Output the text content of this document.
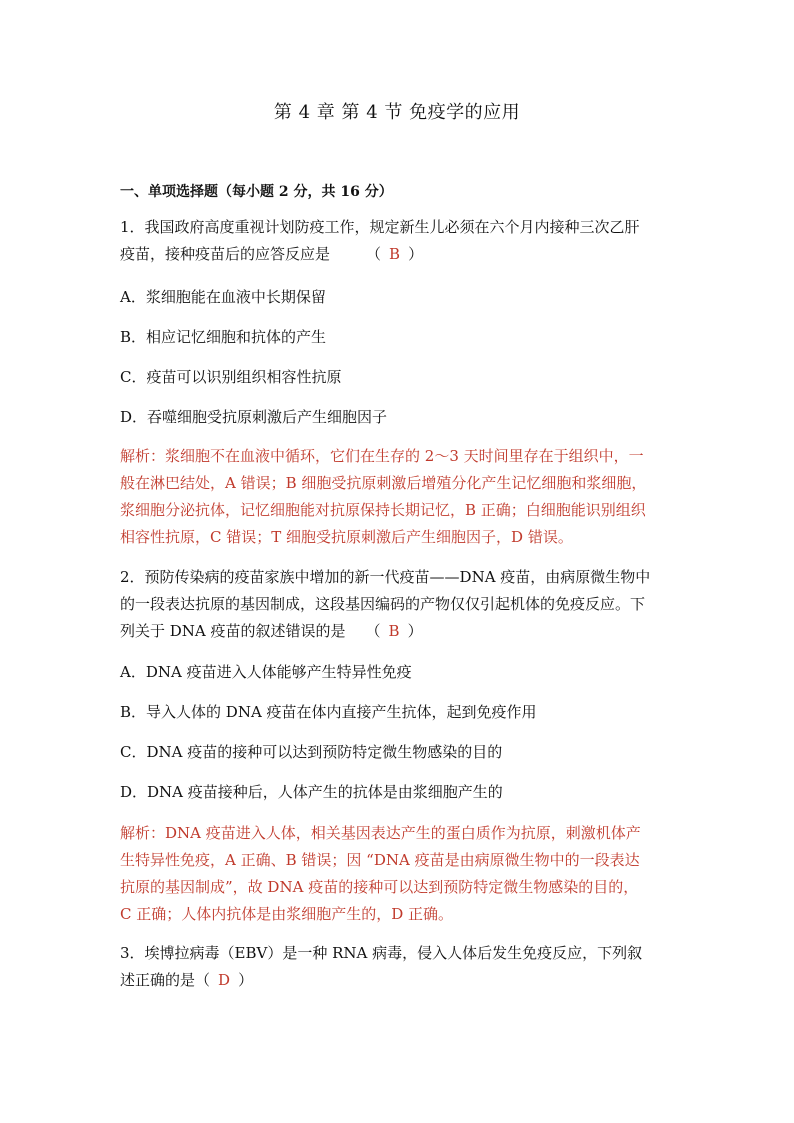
第 4 章 第 4 节 免疫学的应用
一、单项选择题（每小题 2 分，共 16 分）
1．我国政府高度重视计划防疫工作，规定新生儿必须在六个月内接种三次乙肝
疫苗，接种疫苗后的应答反应是 （ B ）
A．浆细胞能在血液中长期保留
B．相应记忆细胞和抗体的产生
C．疫苗可以识别组织相容性抗原
D．吞噬细胞受抗原刺激后产生细胞因子
解析：浆细胞不在血液中循环，它们在生存的 2～3 天时间里存在于组织中，一
般在淋巴结处，A 错误；B 细胞受抗原刺激后增殖分化产生记忆细胞和浆细胞，
浆细胞分泌抗体，记忆细胞能对抗原保持长期记忆，B 正确；白细胞能识别组织
相容性抗原，C 错误；T 细胞受抗原刺激后产生细胞因子，D 错误。
2．预防传染病的疫苗家族中增加的新一代疫苗——DNA 疫苗，由病原微生物中
的一段表达抗原的基因制成，这段基因编码的产物仅仅引起机体的免疫反应。下
列关于 DNA 疫苗的叙述错误的是 （ B ）
A．DNA 疫苗进入人体能够产生特异性免疫
B．导入人体的 DNA 疫苗在体内直接产生抗体，起到免疫作用
C．DNA 疫苗的接种可以达到预防特定微生物感染的目的
D．DNA 疫苗接种后，人体产生的抗体是由浆细胞产生的
解析：DNA 疫苗进入人体，相关基因表达产生的蛋白质作为抗原，刺激机体产
生特异性免疫，A 正确、B 错误；因 “DNA 疫苗是由病原微生物中的一段表达
抗原的基因制成”，故 DNA 疫苗的接种可以达到预防特定微生物感染的目的，
C 正确；人体内抗体是由浆细胞产生的，D 正确。
3．埃博拉病毒（EBV）是一种 RNA 病毒，侵入人体后发生免疫反应，下列叙
述正确的是（ D ）
